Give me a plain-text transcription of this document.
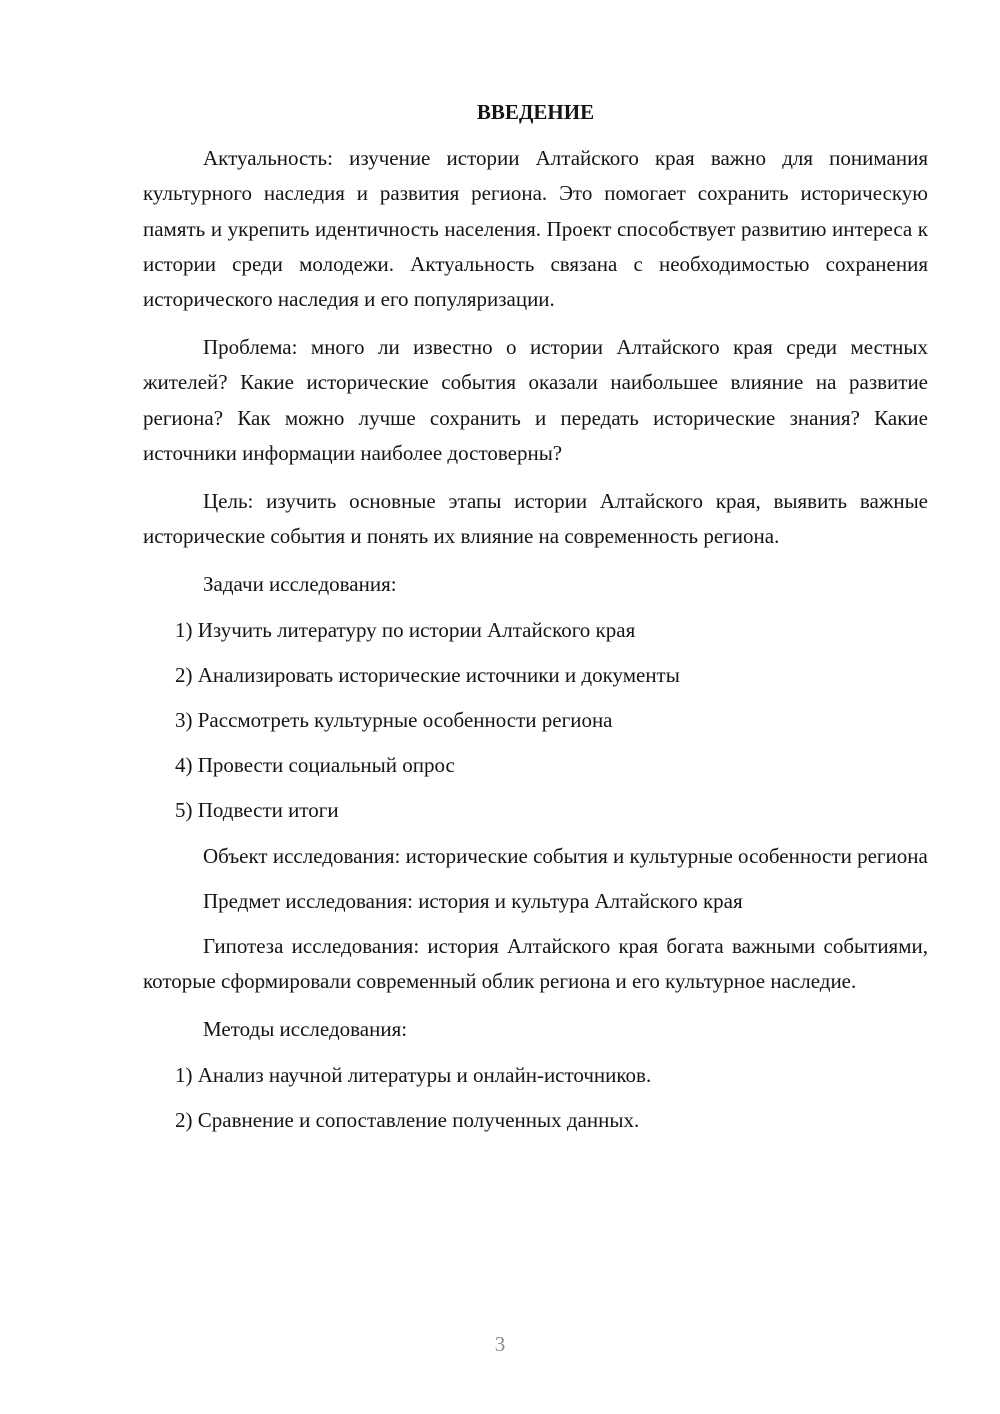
ВВЕДЕНИЕ

Актуальность: изучение истории Алтайского края важно для понимания культурного наследия и развития региона. Это помогает сохранить историческую память и укрепить идентичность населения. Проект способствует развитию интереса к истории среди молодежи. Актуальность связана с необходимостью сохранения исторического наследия и его популяризации.

Проблема: много ли известно о истории Алтайского края среди местных жителей? Какие исторические события оказали наибольшее влияние на развитие региона? Как можно лучше сохранить и передать исторические знания? Какие источники информации наиболее достоверны?

Цель: изучить основные этапы истории Алтайского края, выявить важные исторические события и понять их влияние на современность региона.

Задачи исследования:

1) Изучить литературу по истории Алтайского края
2) Анализировать исторические источники и документы
3) Рассмотреть культурные особенности региона
4) Провести социальный опрос
5) Подвести итоги

Объект исследования: исторические события и культурные особенности региона

Предмет исследования: история и культура Алтайского края

Гипотеза исследования: история Алтайского края богата важными событиями, которые сформировали современный облик региона и его культурное наследие.

Методы исследования:

1) Анализ научной литературы и онлайн-источников.
2) Сравнение и сопоставление полученных данных.
3
